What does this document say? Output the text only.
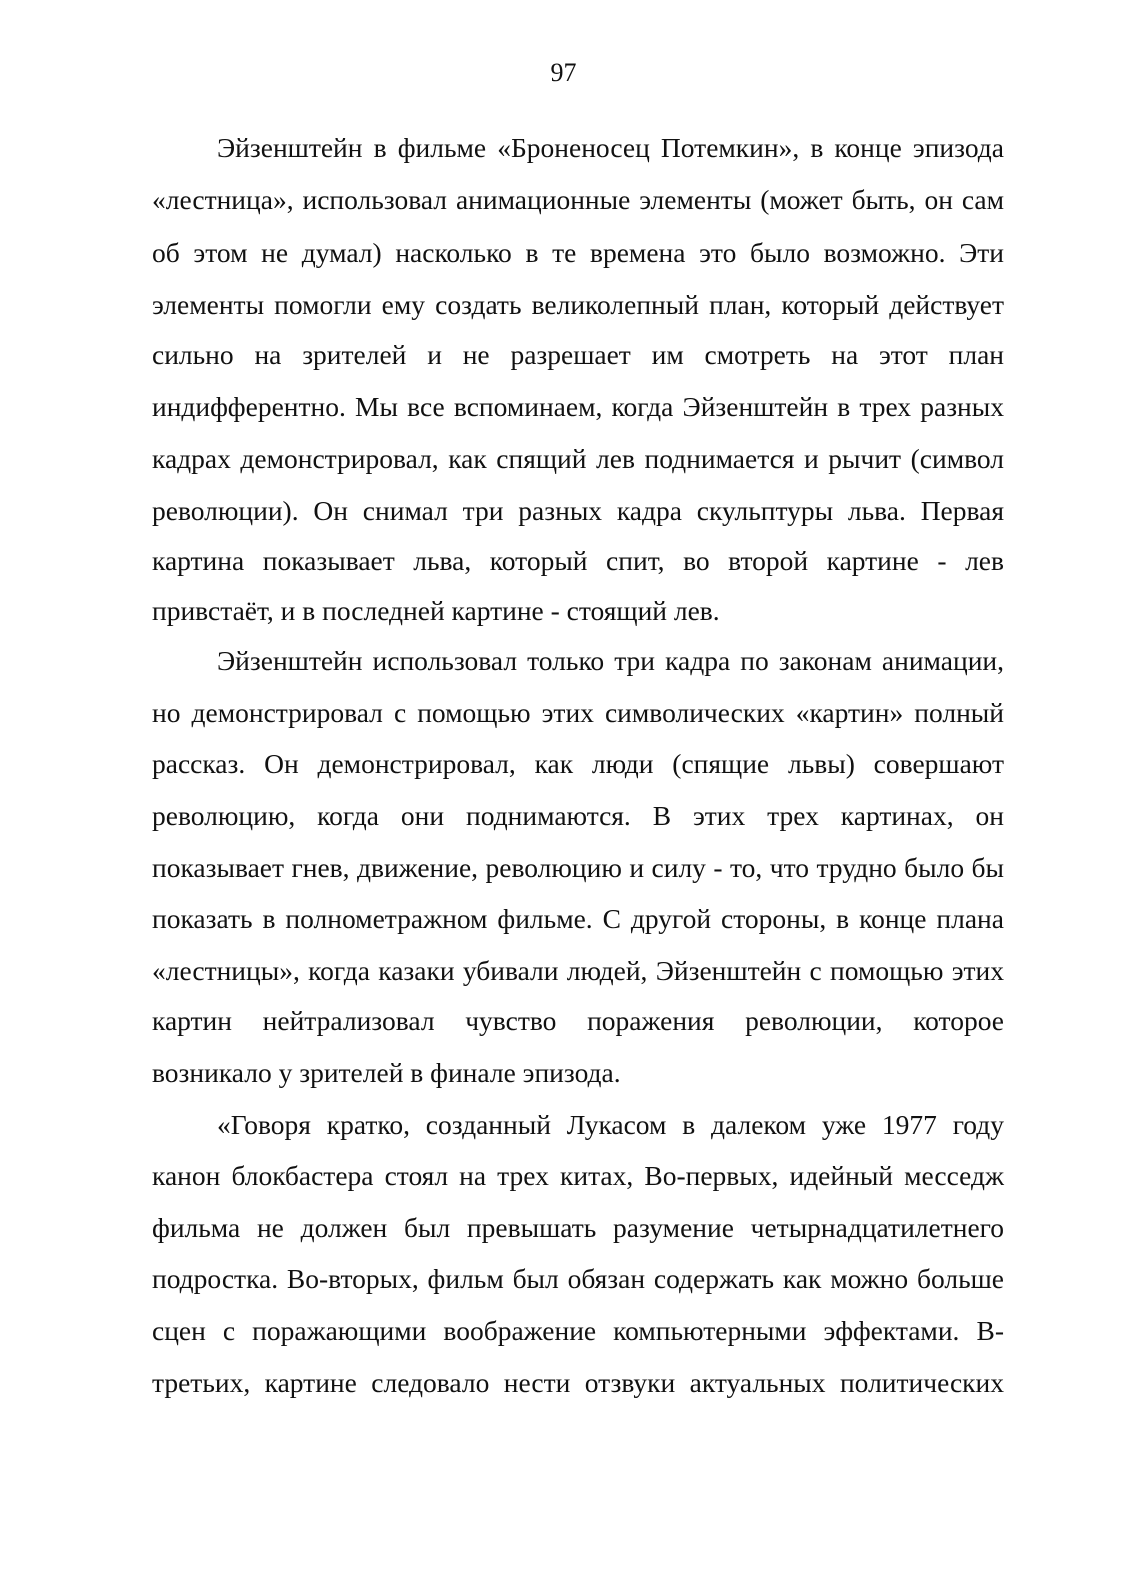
97
Эйзенштейн в фильме «Броненосец Потемкин», в конце эпизода
«лестница», использовал анимационные элементы (может быть, он сам
об этом не думал) насколько в те времена это было возможно. Эти
элементы помогли ему создать великолепный план, который действует
сильно на зрителей и не разрешает им смотреть на этот план
индифферентно. Мы все вспоминаем, когда Эйзенштейн в трех разных
кадрах демонстрировал, как спящий лев поднимается и рычит (символ
революции). Он снимал три разных кадра скульптуры льва. Первая
картина показывает льва, который спит, во второй картине - лев
привстаёт, и в последней картине - стоящий лев.
Эйзенштейн использовал только три кадра по законам анимации,
но демонстрировал с помощью этих символических «картин» полный
рассказ. Он демонстрировал, как люди (спящие львы) совершают
революцию, когда они поднимаются. В этих трех картинах, он
показывает гнев, движение, революцию и силу - то, что трудно было бы
показать в полнометражном фильме. С другой стороны, в конце плана
«лестницы», когда казаки убивали людей, Эйзенштейн с помощью этих
картин нейтрализовал чувство поражения революции, которое
возникало у зрителей в финале эпизода.
«Говоря кратко, созданный Лукасом в далеком уже 1977 году
канон блокбастера стоял на трех китах, Во-первых, идейный месседж
фильма не должен был превышать разумение четырнадцатилетнего
подростка. Во-вторых, фильм был обязан содержать как можно больше
сцен с поражающими воображение компьютерными эффектами. В-
третьих, картине следовало нести отзвуки актуальных политических
